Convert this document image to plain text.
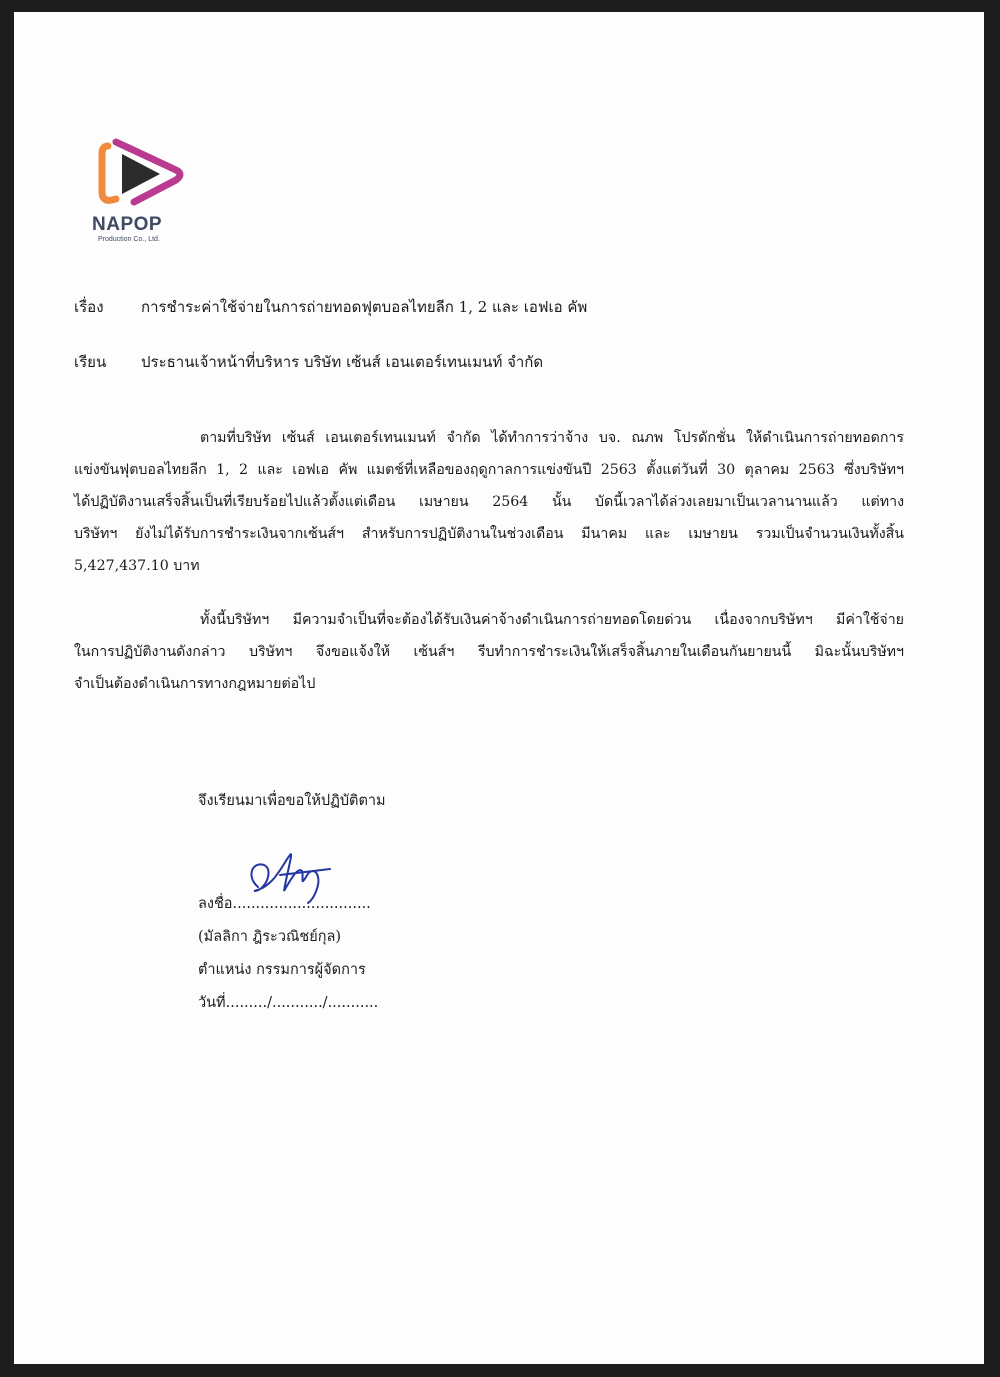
NAPOP
Production Co., Ltd.
เรื่อง การชำระค่าใช้จ่ายในการถ่ายทอดฟุตบอลไทยลีก 1, 2 และ เอฟเอ คัพ
เรียน ประธานเจ้าหน้าที่บริหาร บริษัท เซ้นส์ เอนเตอร์เทนเมนท์ จำกัด
ตามที่บริษัท เซ้นส์ เอนเตอร์เทนเมนท์ จำกัด ได้ทำการว่าจ้าง บจ. ณภพ โปรดักชั่น ให้ดำเนินการถ่ายทอดการ
แข่งขันฟุตบอลไทยลีก 1, 2 และ เอฟเอ คัพ แมตช์ที่เหลือของฤดูกาลการแข่งขันปี 2563 ตั้งแต่วันที่ 30 ตุลาคม 2563 ซึ่งบริษัทฯ
ได้ปฏิบัติงานเสร็จสิ้นเป็นที่เรียบร้อยไปแล้วตั้งแต่เดือน เมษายน 2564 นั้น บัดนี้เวลาได้ล่วงเลยมาเป็นเวลานานแล้ว แต่ทาง
บริษัทฯ ยังไม่ได้รับการชำระเงินจากเซ้นส์ฯ สำหรับการปฏิบัติงานในช่วงเดือน มีนาคม และ เมษายน รวมเป็นจำนวนเงินทั้งสิ้น
5,427,437.10 บาท
ทั้งนี้บริษัทฯ มีความจำเป็นที่จะต้องได้รับเงินค่าจ้างดำเนินการถ่ายทอดโดยด่วน เนื่องจากบริษัทฯ มีค่าใช้จ่าย
ในการปฏิบัติงานดังกล่าว บริษัทฯ จึงขอแจ้งให้ เซ้นส์ฯ รีบทำการชำระเงินให้เสร็จสิ้นภายในเดือนกันยายนนี้ มิฉะนั้นบริษัทฯ
จำเป็นต้องดำเนินการทางกฎหมายต่อไป
จึงเรียนมาเพื่อขอให้ปฏิบัติตาม
ลงชื่อ..............................
(มัลลิกา ฎิระวณิชย์กุล)
ตำแหน่ง กรรมการผู้จัดการ
วันที่........./.........../...........
